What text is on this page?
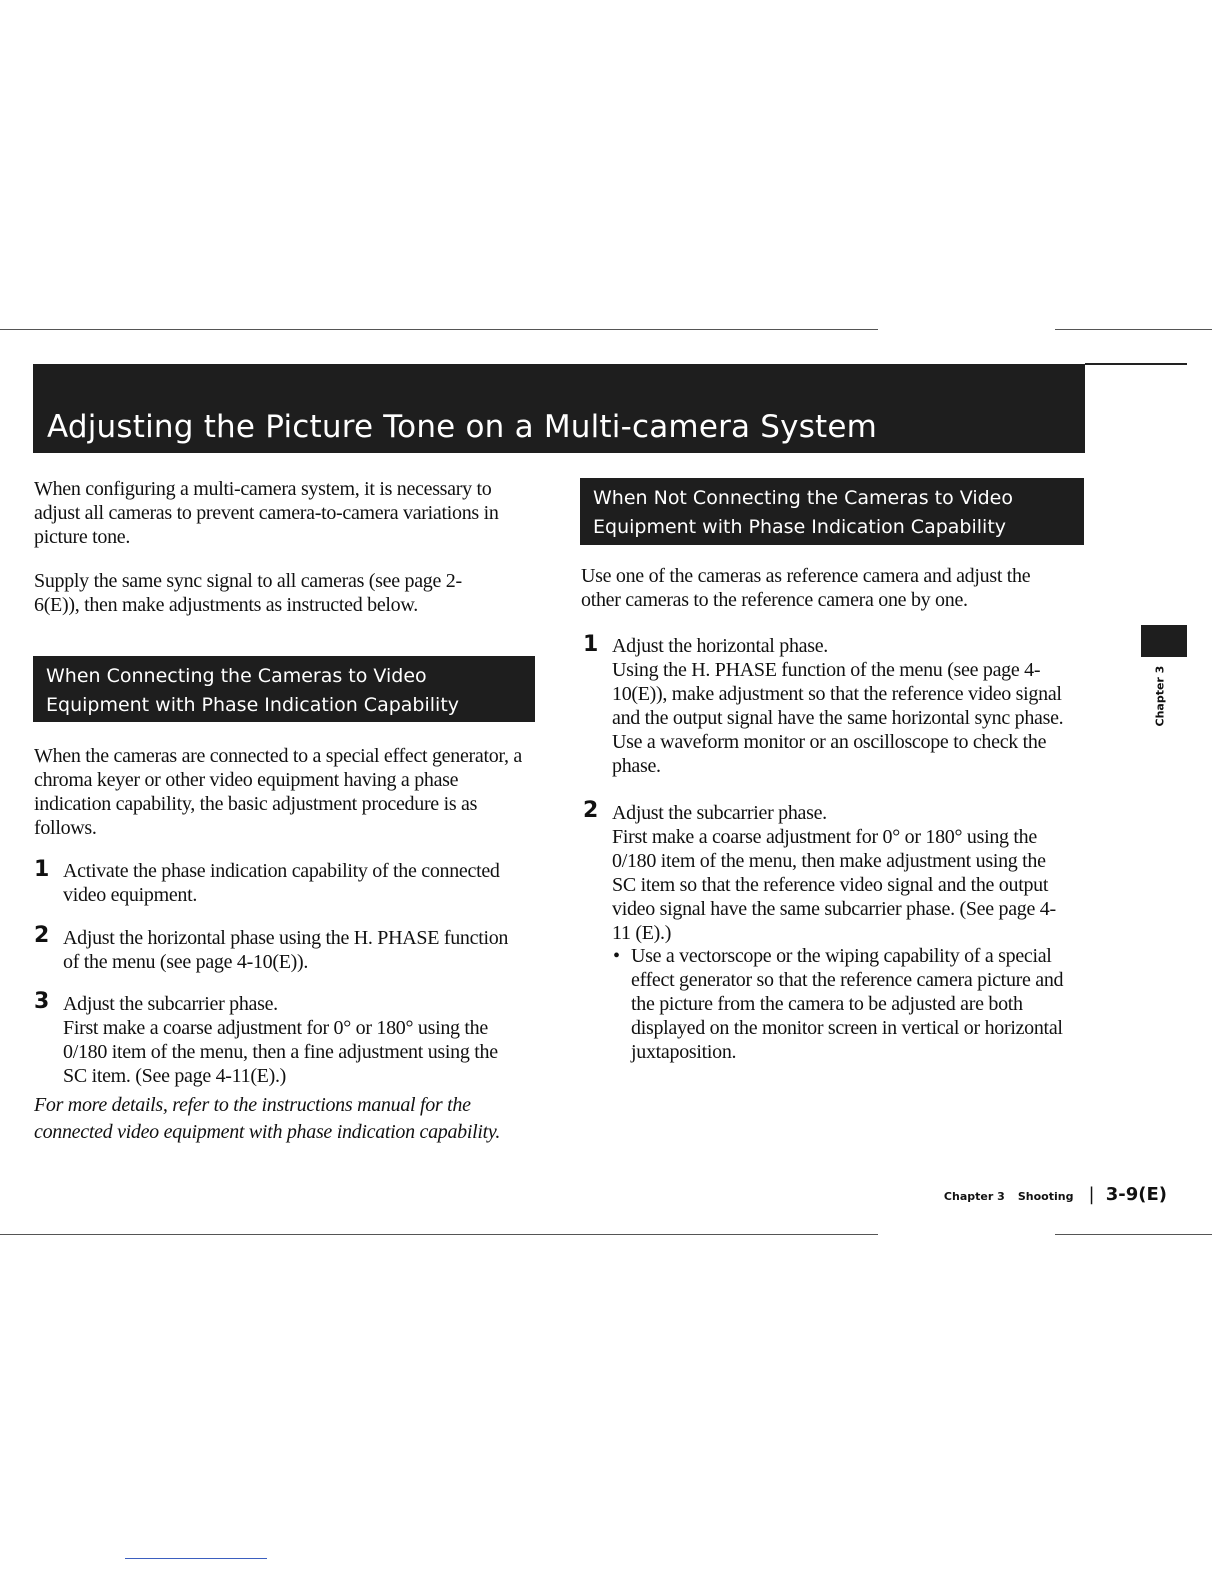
Adjusting the Picture Tone on a Multi-camera System

When configuring a multi-camera system, it is necessary to adjust all cameras to prevent camera-to-camera variations in picture tone.

Supply the same sync signal to all cameras (see page 2-6(E)), then make adjustments as instructed below.

When Connecting the Cameras to Video
Equipment with Phase Indication Capability

When the cameras are connected to a special effect generator, a chroma keyer or other video equipment having a phase indication capability, the basic adjustment procedure is as follows.

1 Activate the phase indication capability of the connected video equipment.
2 Adjust the horizontal phase using the H. PHASE function of the menu (see page 4-10(E)).
3 Adjust the subcarrier phase.
First make a coarse adjustment for 0° or 180° using the 0/180 item of the menu, then a fine adjustment using the SC item. (See page 4-11(E).)

For more details, refer to the instructions manual for the connected video equipment with phase indication capability.

When Not Connecting the Cameras to Video
Equipment with Phase Indication Capability

Use one of the cameras as reference camera and adjust the other cameras to the reference camera one by one.

1 Adjust the horizontal phase.
Using the H. PHASE function of the menu (see page 4-10(E)), make adjustment so that the reference video signal and the output signal have the same horizontal sync phase. Use a waveform monitor or an oscilloscope to check the phase.
2 Adjust the subcarrier phase.
First make a coarse adjustment for 0° or 180° using the 0/180 item of the menu, then make adjustment using the SC item so that the reference video signal and the output video signal have the same subcarrier phase. (See page 4-11 (E).)
• Use a vectorscope or the wiping capability of a special effect generator so that the reference camera picture and the picture from the camera to be adjusted are both displayed on the monitor screen in vertical or horizontal juxtaposition.
Chapter 3
Chapter 3 Shooting | 3-9(E)
